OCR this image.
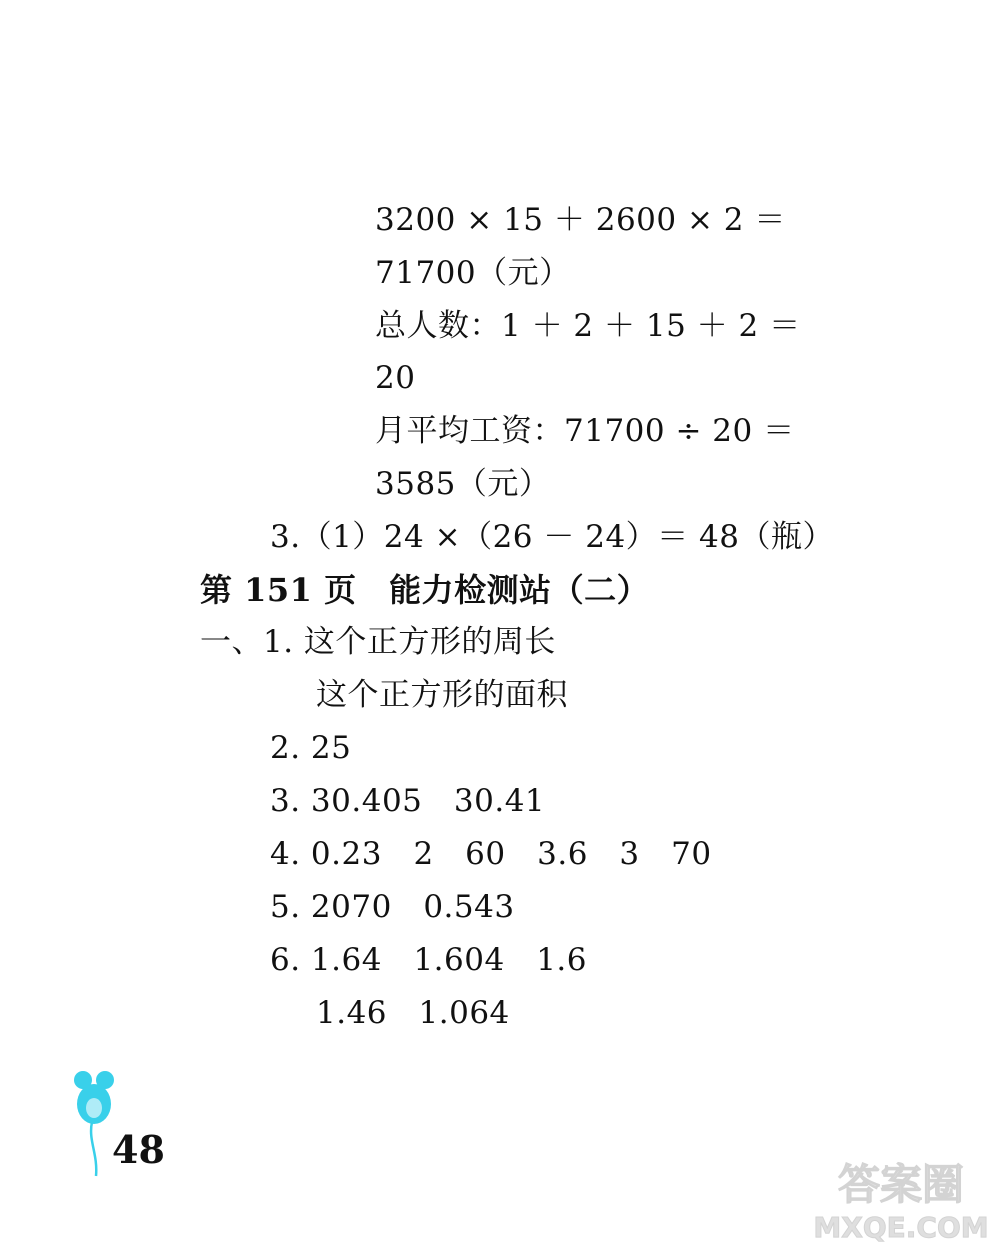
3200 × 15 ＋ 2600 × 2 ＝
71700（元）
总人数：1 ＋ 2 ＋ 15 ＋ 2 ＝
20
月平均工资：71700 ÷ 20 ＝
3585（元）
3.（1）24 ×（26 － 24）＝ 48（瓶）
第 151 页　能力检测站（二）
一、1. 这个正方形的周长
这个正方形的面积
2. 25
3. 30.405　30.41
4. 0.23　2　60　3.6　3　70
5. 2070　0.543
6. 1.64　1.604　1.6
1.46　1.064
48
答案圈
MXQE.COM
